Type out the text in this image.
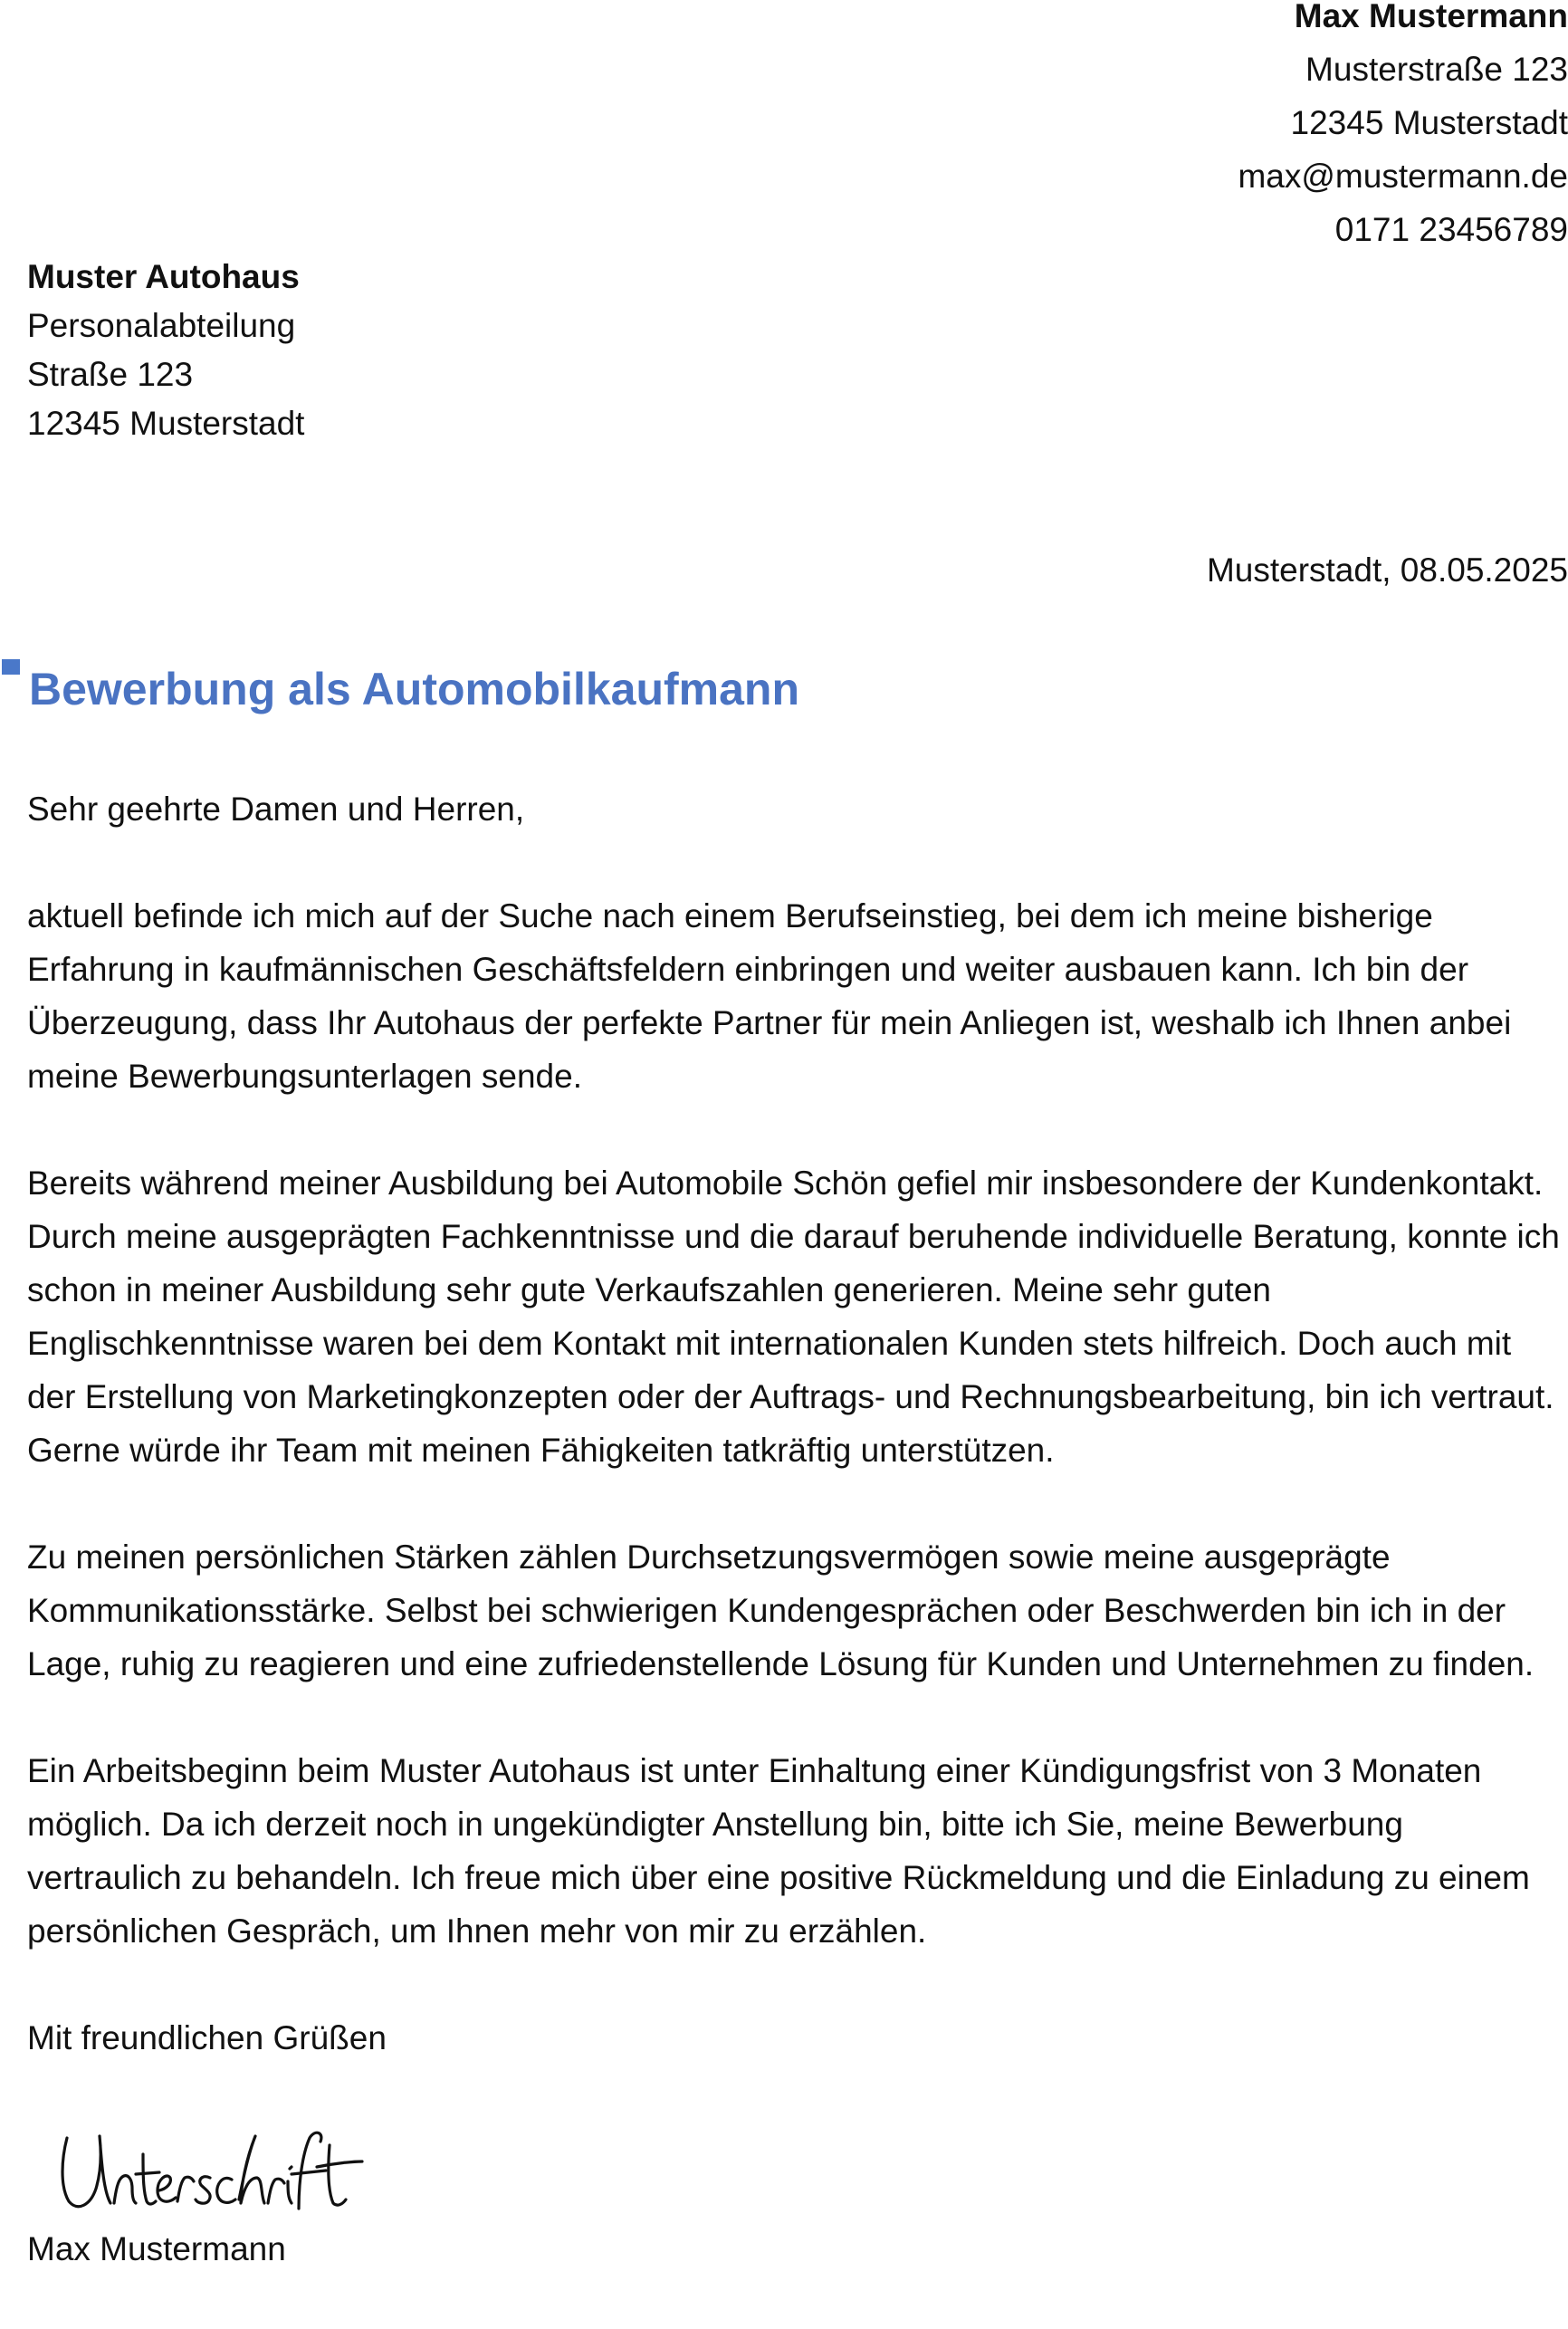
Max Mustermann
Musterstraße 123
12345 Musterstadt
max@mustermann.de
0171 23456789
Muster Autohaus
Personalabteilung
Straße 123
12345 Musterstadt
Musterstadt, 08.05.2025
Bewerbung als Automobilkaufmann

Sehr geehrte Damen und Herren,

aktuell befinde ich mich auf der Suche nach einem Berufseinstieg, bei dem ich meine bisherige Erfahrung in kaufmännischen Geschäftsfeldern einbringen und weiter ausbauen kann. Ich bin der Überzeugung, dass Ihr Autohaus der perfekte Partner für mein Anliegen ist, weshalb ich Ihnen anbei meine Bewerbungsunterlagen sende.

Bereits während meiner Ausbildung bei Automobile Schön gefiel mir insbesondere der Kundenkontakt. Durch meine ausgeprägten Fachkenntnisse und die darauf beruhende individuelle Beratung, konnte ich schon in meiner Ausbildung sehr gute Verkaufszahlen generieren. Meine sehr guten Englischkenntnisse waren bei dem Kontakt mit internationalen Kunden stets hilfreich. Doch auch mit der Erstellung von Marketingkonzepten oder der Auftrags- und Rechnungsbearbeitung, bin ich vertraut. Gerne würde ihr Team mit meinen Fähigkeiten tatkräftig unterstützen.

Zu meinen persönlichen Stärken zählen Durchsetzungsvermögen sowie meine ausgeprägte Kommunikationsstärke. Selbst bei schwierigen Kundengesprächen oder Beschwerden bin ich in der Lage, ruhig zu reagieren und eine zufriedenstellende Lösung für Kunden und Unternehmen zu finden.

Ein Arbeitsbeginn beim Muster Autohaus ist unter Einhaltung einer Kündigungsfrist von 3 Monaten möglich. Da ich derzeit noch in ungekündigter Anstellung bin, bitte ich Sie, meine Bewerbung vertraulich zu behandeln. Ich freue mich über eine positive Rückmeldung und die Einladung zu einem persönlichen Gespräch, um Ihnen mehr von mir zu erzählen.

Mit freundlichen Grüßen

Max Mustermann
